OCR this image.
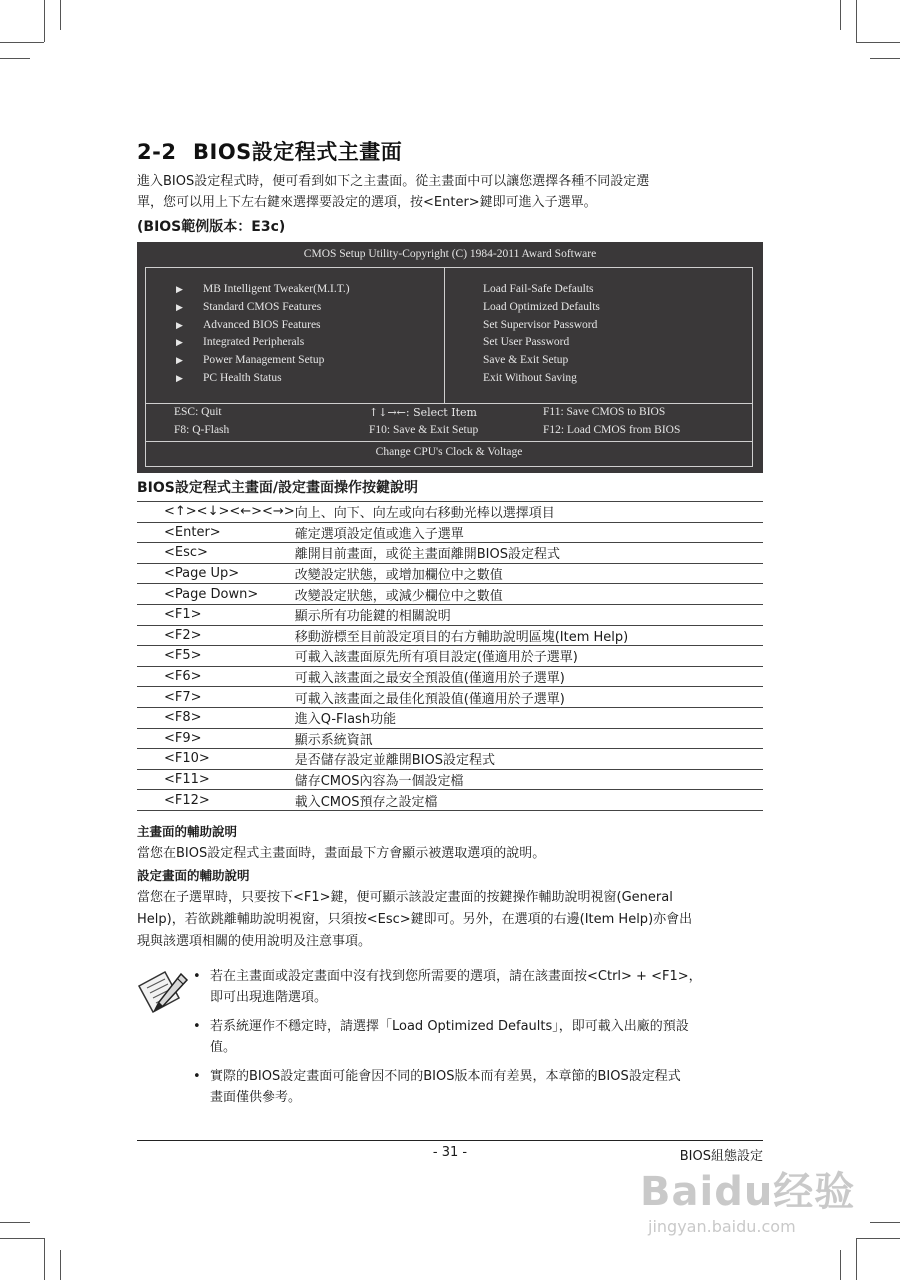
2-2 BIOS設定程式主畫面

進入BIOS設定程式時，便可看到如下之主畫面。從主畫面中可以讓您選擇各種不同設定選

單，您可以用上下左右鍵來選擇要設定的選項，按<Enter>鍵即可進入子選單。

(BIOS範例版本：E3c)
CMOS Setup Utility-Copyright (C) 1984-2011 Award Software
▶ MB Intelligent Tweaker(M.I.T.)
▶ Standard CMOS Features
▶ Advanced BIOS Features
▶ Integrated Peripherals
▶ Power Management Setup
▶ PC Health Status
Load Fail-Safe Defaults
Load Optimized Defaults
Set Supervisor Password
Set User Password
Save & Exit Setup
Exit Without Saving
ESC: Quit	↑↓→←: Select Item	F11: Save CMOS to BIOS
F8: Q-Flash	F10: Save & Exit Setup	F12: Load CMOS from BIOS
Change CPU's Clock & Voltage
BIOS設定程式主畫面/設定畫面操作按鍵說明
<↑><↓><←><→>	向上、向下、向左或向右移動光棒以選擇項目
<Enter>	確定選項設定值或進入子選單
<Esc>	離開目前畫面，或從主畫面離開BIOS設定程式
<Page Up>	改變設定狀態，或增加欄位中之數值
<Page Down>	改變設定狀態，或減少欄位中之數值
<F1>	顯示所有功能鍵的相關說明
<F2>	移動游標至目前設定項目的右方輔助說明區塊(Item Help)
<F5>	可載入該畫面原先所有項目設定(僅適用於子選單)
<F6>	可載入該畫面之最安全預設值(僅適用於子選單)
<F7>	可載入該畫面之最佳化預設值(僅適用於子選單)
<F8>	進入Q-Flash功能
<F9>	顯示系統資訊
<F10>	是否儲存設定並離開BIOS設定程式
<F11>	儲存CMOS內容為一個設定檔
<F12>	載入CMOS預存之設定檔
主畫面的輔助說明
當您在BIOS設定程式主畫面時，畫面最下方會顯示被選取選項的說明。
設定畫面的輔助說明

當您在子選單時，只要按下<F1>鍵，便可顯示該設定畫面的按鍵操作輔助說明視窗(General

Help)，若欲跳離輔助說明視窗，只須按<Esc>鍵即可。另外，在選項的右邊(Item Help)亦會出

現與該選項相關的使用說明及注意事項。

• 若在主畫面或設定畫面中沒有找到您所需要的選項，請在該畫面按<Ctrl> + <F1>，
即可出現進階選項。
• 若系統運作不穩定時，請選擇「Load Optimized Defaults」，即可載入出廠的預設
值。
• 實際的BIOS設定畫面可能會因不同的BIOS版本而有差異，本章節的BIOS設定程式
畫面僅供參考。
- 31 -	BIOS組態設定
Baidu经验
jingyan.baidu.com
